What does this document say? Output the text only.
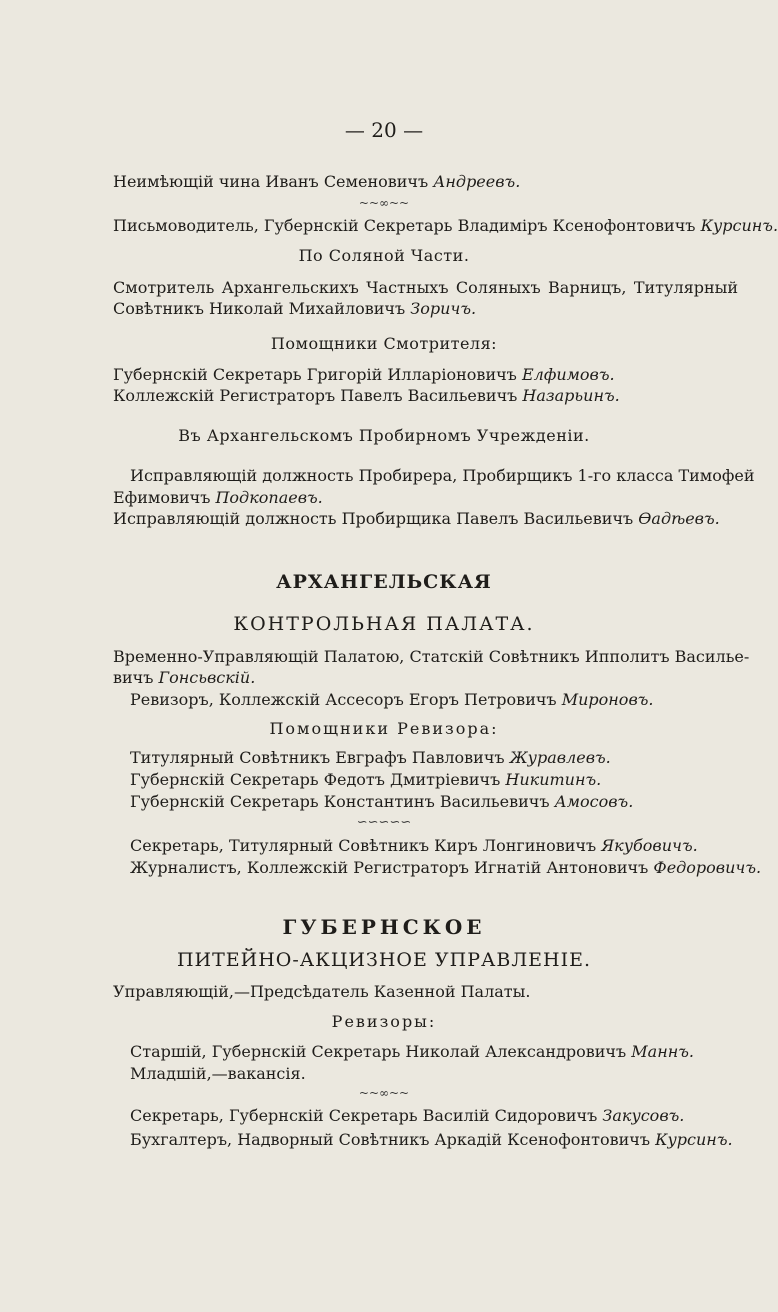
— 20 —
Неимѣющій чина Иванъ Семеновичъ Андреевъ.
~~∞~~
Письмоводитель, Губернскій Секретарь Владиміръ Ксенофонтовичъ Курсинъ.
По Соляной Части.
Смотритель Архангельскихъ Частныхъ Соляныхъ Варницъ, Титулярный
Совѣтникъ Николай Михайловичъ Зоричъ.
Помощники Смотрителя:
Губернскій Секретарь Григорій Илларіоновичъ Елфимовъ.
Коллежскій Регистраторъ Павелъ Васильевичъ Назарьинъ.
Въ Архангельскомъ Пробирномъ Учрежденіи.
Исправляющій должность Пробирера, Пробирщикъ 1-го класса Тимофей
Ефимовичъ Подкопаевъ.
Исправляющій должность Пробирщика Павелъ Васильевичъ Ѳадѣевъ.
АРХАНГЕЛЬСКАЯ
КОНТРОЛЬНАЯ ПАЛАТА.
Временно-Управляющій Палатою, Статскій Совѣтникъ Ипполитъ Василье-
вичъ Гонсьвскій.
Ревизоръ, Коллежскій Ассесоръ Егоръ Петровичъ Мироновъ.
Помощники Ревизора:
Титулярный Совѣтникъ Евграфъ Павловичъ Журавлевъ.
Губернскій Секретарь Федотъ Дмитріевичъ Никитинъ.
Губернскій Секретарь Константинъ Васильевичъ Амосовъ.
∽∽∽∽∽
Секретарь, Титулярный Совѣтникъ Киръ Лонгиновичъ Якубовичъ.
Журналистъ, Коллежскій Регистраторъ Игнатій Антоновичъ Федоровичъ.
ГУБЕРНСКОЕ
ПИТЕЙНО-АКЦИЗНОЕ УПРАВЛЕНІЕ.
Управляющій,—Предсѣдатель Казенной Палаты.
Ревизоры:
Старшій, Губернскій Секретарь Николай Александровичъ Маннъ.
Младшій,—вакансія.
~~∞~~
Секретарь, Губернскій Секретарь Василій Сидоровичъ Закусовъ.
Бухгалтеръ, Надворный Совѣтникъ Аркадій Ксенофонтовичъ Курсинъ.
